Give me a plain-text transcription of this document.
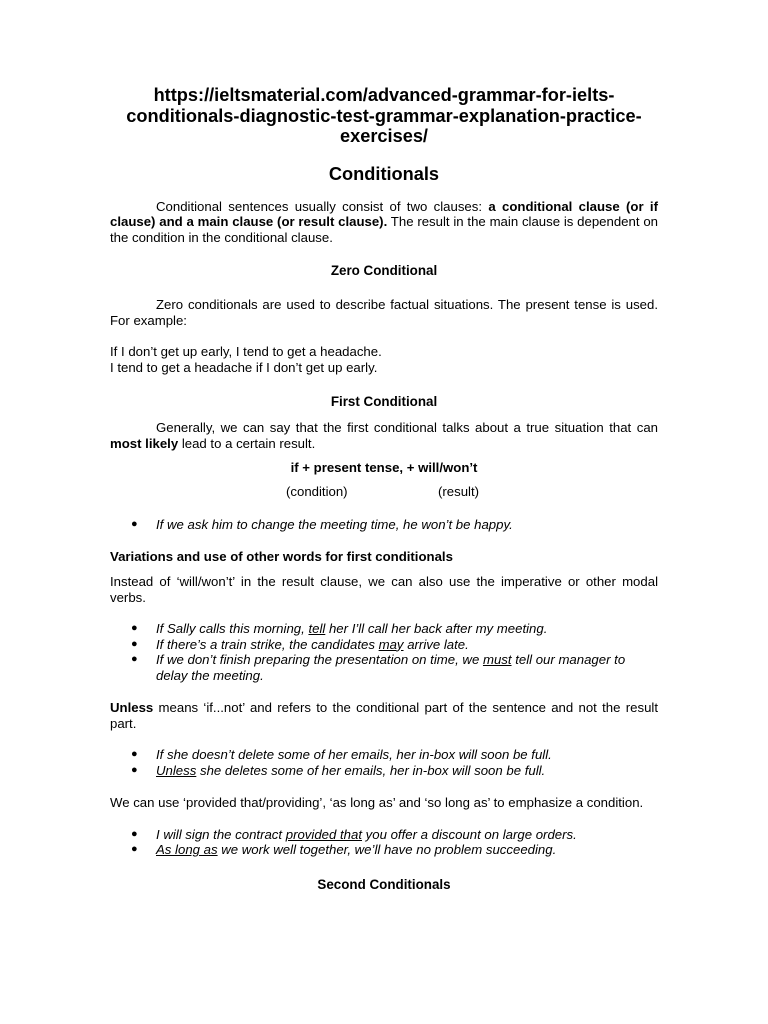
https://ieltsmaterial.com/advanced-grammar-for-ielts-conditionals-diagnostic-test-grammar-explanation-practice-exercises/

Conditionals

Conditional sentences usually consist of two clauses: a conditional clause (or if clause) and a main clause (or result clause). The result in the main clause is dependent on the condition in the conditional clause.

Zero Conditional

Zero conditionals are used to describe factual situations. The present tense is used. For example:

If I don’t get up early, I tend to get a headache.

I tend to get a headache if I don’t get up early.

First Conditional

Generally, we can say that the first conditional talks about a true situation that can most likely lead to a certain result.

if + present tense, + will/won’t

(condition)	(result)
● If we ask him to change the meeting time, he won’t be happy.
Variations and use of other words for first conditionals

Instead of ‘will/won’t’ in the result clause, we can also use the imperative or other modal verbs.

● If Sally calls this morning, tell her I’ll call her back after my meeting.
● If there’s a train strike, the candidates may arrive late.
● If we don’t finish preparing the presentation on time, we must tell our manager to delay the meeting.

Unless means ‘if...not’ and refers to the conditional part of the sentence and not the result part.

● If she doesn’t delete some of her emails, her in-box will soon be full.
● Unless she deletes some of her emails, her in-box will soon be full.

We can use ‘provided that/providing’, ‘as long as’ and ‘so long as’ to emphasize a condition.

● I will sign the contract provided that you offer a discount on large orders.
● As long as we work well together, we’ll have no problem succeeding.
Second Conditionals
